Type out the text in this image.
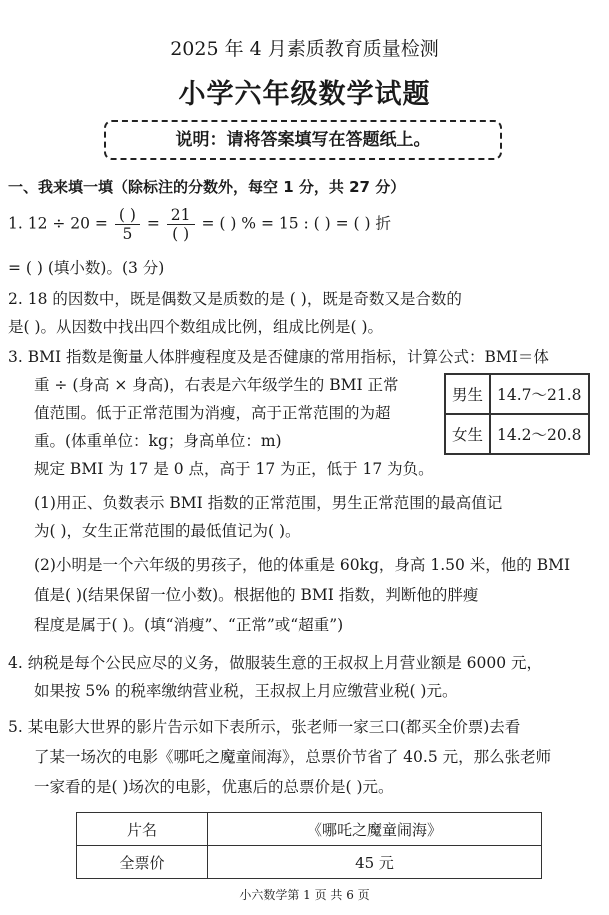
2025 年 4 月素质教育质量检测
小学六年级数学试题
说明：请将答案填写在答题纸上。
一、我来填一填（除标注的分数外，每空 1 分，共 27 分）
1. $12 \div 20 = \frac{( )}{5} = \frac{21}{( )}$ = ( ) % = 15 : ( ) = ( ) 折
= ( ) (填小数)。(3 分)
2. 18 的因数中，既是偶数又是质数的是 ( )，既是奇数又是合数的
是( )。从因数中找出四个数组成比例，组成比例是( )。
3. BMI 指数是衡量人体胖瘦程度及是否健康的常用指标，计算公式：BMI＝体
重 ÷ (身高 × 身高)，右表是六年级学生的 BMI 正常
值范围。低于正常范围为消瘦，高于正常范围的为超
重。(体重单位：kg；身高单位：m)
规定 BMI 为 17 是 0 点，高于 17 为正，低于 17 为负。
男生	14.7～21.8
女生	14.2～20.8
(1)用正、负数表示 BMI 指数的正常范围，男生正常范围的最高值记
为( )，女生正常范围的最低值记为( )。
(2)小明是一个六年级的男孩子，他的体重是 60kg，身高 1.50 米，他的 BMI
值是( )(结果保留一位小数)。根据他的 BMI 指数，判断他的胖瘦
程度是属于( )。(填“消瘦”、“正常”或“超重”)
4. 纳税是每个公民应尽的义务，做服装生意的王叔叔上月营业额是 6000 元，
如果按 5% 的税率缴纳营业税，王叔叔上月应缴营业税( )元。
5. 某电影大世界的影片告示如下表所示，张老师一家三口(都买全价票)去看
了某一场次的电影《哪吒之魔童闹海》，总票价节省了 40.5 元，那么张老师
一家看的是( )场次的电影，优惠后的总票价是( )元。
片名	《哪吒之魔童闹海》
全票价	45 元
小六数学第 1 页 共 6 页
